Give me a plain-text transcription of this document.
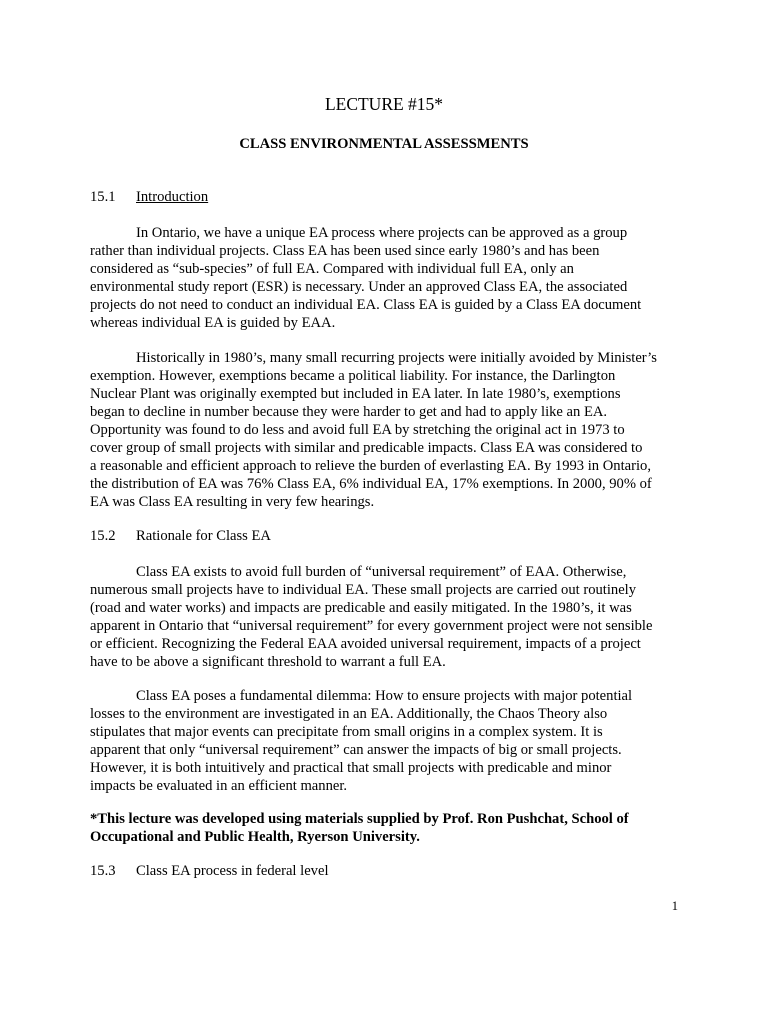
LECTURE #15*
CLASS ENVIRONMENTAL ASSESSMENTS
15.1 Introduction

In Ontario, we have a unique EA process where projects can be approved as a group
rather than individual projects. Class EA has been used since early 1980’s and has been
considered as “sub-species” of full EA. Compared with individual full EA, only an
environmental study report (ESR) is necessary. Under an approved Class EA, the associated
projects do not need to conduct an individual EA. Class EA is guided by a Class EA document
whereas individual EA is guided by EAA.

Historically in 1980’s, many small recurring projects were initially avoided by Minister’s
exemption. However, exemptions became a political liability. For instance, the Darlington
Nuclear Plant was originally exempted but included in EA later. In late 1980’s, exemptions
began to decline in number because they were harder to get and had to apply like an EA.
Opportunity was found to do less and avoid full EA by stretching the original act in 1973 to
cover group of small projects with similar and predicable impacts. Class EA was considered to
a reasonable and efficient approach to relieve the burden of everlasting EA. By 1993 in Ontario,
the distribution of EA was 76% Class EA, 6% individual EA, 17% exemptions. In 2000, 90% of
EA was Class EA resulting in very few hearings.

15.2 Rationale for Class EA

Class EA exists to avoid full burden of “universal requirement” of EAA. Otherwise,
numerous small projects have to individual EA. These small projects are carried out routinely
(road and water works) and impacts are predicable and easily mitigated. In the 1980’s, it was
apparent in Ontario that “universal requirement” for every government project were not sensible
or efficient. Recognizing the Federal EAA avoided universal requirement, impacts of a project
have to be above a significant threshold to warrant a full EA.

Class EA poses a fundamental dilemma: How to ensure projects with major potential
losses to the environment are investigated in an EA. Additionally, the Chaos Theory also
stipulates that major events can precipitate from small origins in a complex system. It is
apparent that only “universal requirement” can answer the impacts of big or small projects.
However, it is both intuitively and practical that small projects with predicable and minor
impacts be evaluated in an efficient manner.

*This lecture was developed using materials supplied by Prof. Ron Pushchat, School of
Occupational and Public Health, Ryerson University.

15.3 Class EA process in federal level
1
